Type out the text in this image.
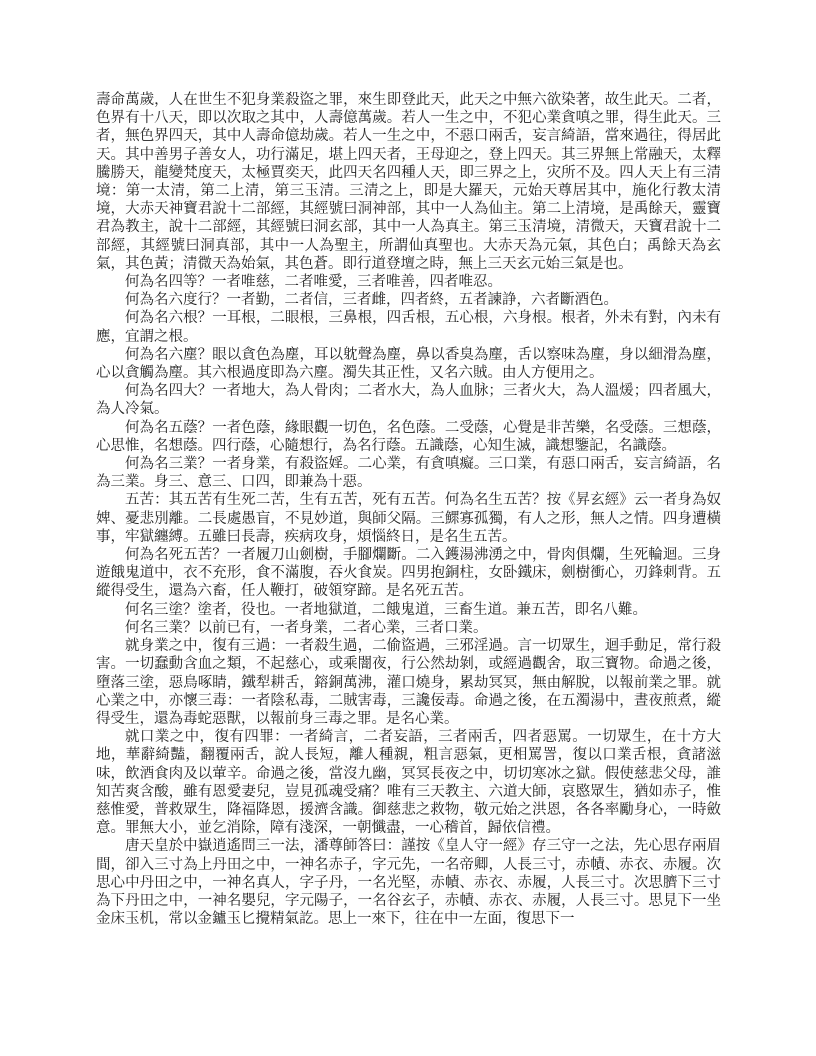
壽命萬歲，人在世生不犯身業殺盜之罪，來生即登此天，此天之中無六欲染著，故生此天。二者，色界有十八天，即以次取之其中，人壽億萬歲。若人一生之中，不犯心業貪嗔之罪，得生此天。三者，無色界四天，其中人壽命億劫歲。若人一生之中，不惡口兩舌，妄言綺語，當來過往，得居此天。其中善男子善女人，功行滿足，堪上四天者，王母迎之，登上四天。其三界無上常融天，太釋騰勝天，龍變梵度天，太極賈奕天，此四天名四種人天，即三界之上，灾所不及。四人天上有三清境：第一太清，第二上清，第三玉清。三清之上，即是大羅天，元始天尊居其中，施化行教太清境，大赤天神寶君說十二部經，其經號曰洞神部，其中一人為仙主。第二上清境，是禹餘天，靈寶君為教主，說十二部經，其經號曰洞玄部，其中一人為真主。第三玉清境，清微天，天寶君說十二部經，其經號曰洞真部，其中一人為聖主，所謂仙真聖也。大赤天為元氣，其色白；禹餘天為玄氣，其色黃；清微天為始氣，其色蒼。即行道登壇之時，無上三天玄元始三氣是也。

何為名四等？一者唯慈，二者唯愛，三者唯善，四者唯忍。

何為名六度行？一者勤，二者信，三者雌，四者終，五者諫諍，六者斷酒色。

何為名六根？一耳根，二眼根，三鼻根，四舌根，五心根，六身根。根者，外未有對，內未有應，宜謂之根。

何為名六塵？眼以貪色為塵，耳以躭聲為塵，鼻以香臭為塵，舌以察味為塵，身以細滑為塵，心以貪觸為塵。其六根過度即為六塵。濁失其正性，又名六賊。由人方便用之。

何為名四大？一者地大，為人骨肉；二者水大，為人血脉；三者火大，為人溫煖；四者風大，為人冷氣。

何為名五蔭？一者色蔭，緣眼觀一切色，名色蔭。二受蔭，心覺是非苦樂，名受蔭。三想蔭，心思惟，名想蔭。四行蔭，心隨想行，為名行蔭。五識蔭，心知生滅，識想鑒記，名識蔭。

何為名三業？一者身業，有殺盜婬。二心業，有貪嗔癡。三口業，有惡口兩舌，妄言綺語，名為三業。身三、意三、口四，即兼為十惡。

五苦：其五苦有生死二苦，生有五苦，死有五苦。何為名生五苦？按《昇玄經》云一者身為奴婢、憂悲別離。二長處愚盲，不見妙道，與師父隔。三鰥寡孤獨，有人之形，無人之情。四身遭橫事，牢獄纏縛。五雖曰長壽，疾病攻身，煩惱終日，是名生五苦。

何為名死五苦？一者履刀山劍樹，手腳爛斷。二入鑊湯沸湧之中，骨肉俱爛，生死輪迴。三身遊餓鬼道中，衣不充形，食不滿腹，吞火食炭。四男抱銅柱，女卧鐵床，劍樹衝心，刃鋒刺背。五縱得受生，還為六畜，任人鞭打，破領穿蹄。是名死五苦。

何名三塗？塗者，役也。一者地獄道，二餓鬼道，三畜生道。兼五苦，即名八難。

何名三業？以前已有，一者身業，二者心業，三者口業。

就身業之中，復有三過：一者殺生過，二偷盜過，三邪淫過。言一切眾生，迴手動足，常行殺害。一切蠢動含血之類，不起慈心，或乘闇夜，行公然劫剝，或經過觀舍，取三寶物。命過之後，墮落三塗，惡鳥啄睛，鐵犁耕舌，鎔銅萬沸，灌口燒身，累劫冥冥，無由解脫，以報前業之罪。就心業之中，亦懷三毒：一者陰私毒，二賊害毒，三讒佞毒。命過之後，在五濁湯中，晝夜煎煮，縱得受生，還為毒蛇惡獸，以報前身三毒之罪。是名心業。

就口業之中，復有四罪：一者綺言，二者妄語，三者兩舌，四者惡罵。一切眾生，在十方大地，華辭綺豔，翻覆兩舌，說人長短，離人種親，粗言惡氣，更相罵詈，復以口業舌根，貪諸滋味，飲酒食肉及以葷辛。命過之後，當沒九幽，冥冥長夜之中，切切寒冰之獄。假使慈悲父母，誰知苦爽含酸，雖有恩愛妻兒，豈見孤魂受痛？唯有三天教主、六道大師，哀愍眾生，猶如赤子，惟慈惟愛，普救眾生，降福降恩，援濟含識。御慈悲之救物，敬元始之洪恩，各各率勵身心，一時斂意。罪無大小，並乞消除，障有淺深，一朝懺盡，一心稽首，歸依信禮。

唐天皇於中嶽逍遙問三一法，潘尊師答曰：謹按《皇人守一經》存三守一之法，先心思存兩眉間，卻入三寸為上丹田之中，一神名赤子，字元先，一名帝卿，人長三寸，赤幘、赤衣、赤履。次思心中丹田之中，一神名真人，字子丹，一名光堅，赤幘、赤衣、赤履，人長三寸。次思臍下三寸為下丹田之中，一神名嬰兒，字元陽子，一名谷玄子，赤幘、赤衣、赤履，人長三寸。思見下一坐金床玉机，常以金鑪玉匕攪精氣訖。思上一來下，往在中一左面，復思下一
